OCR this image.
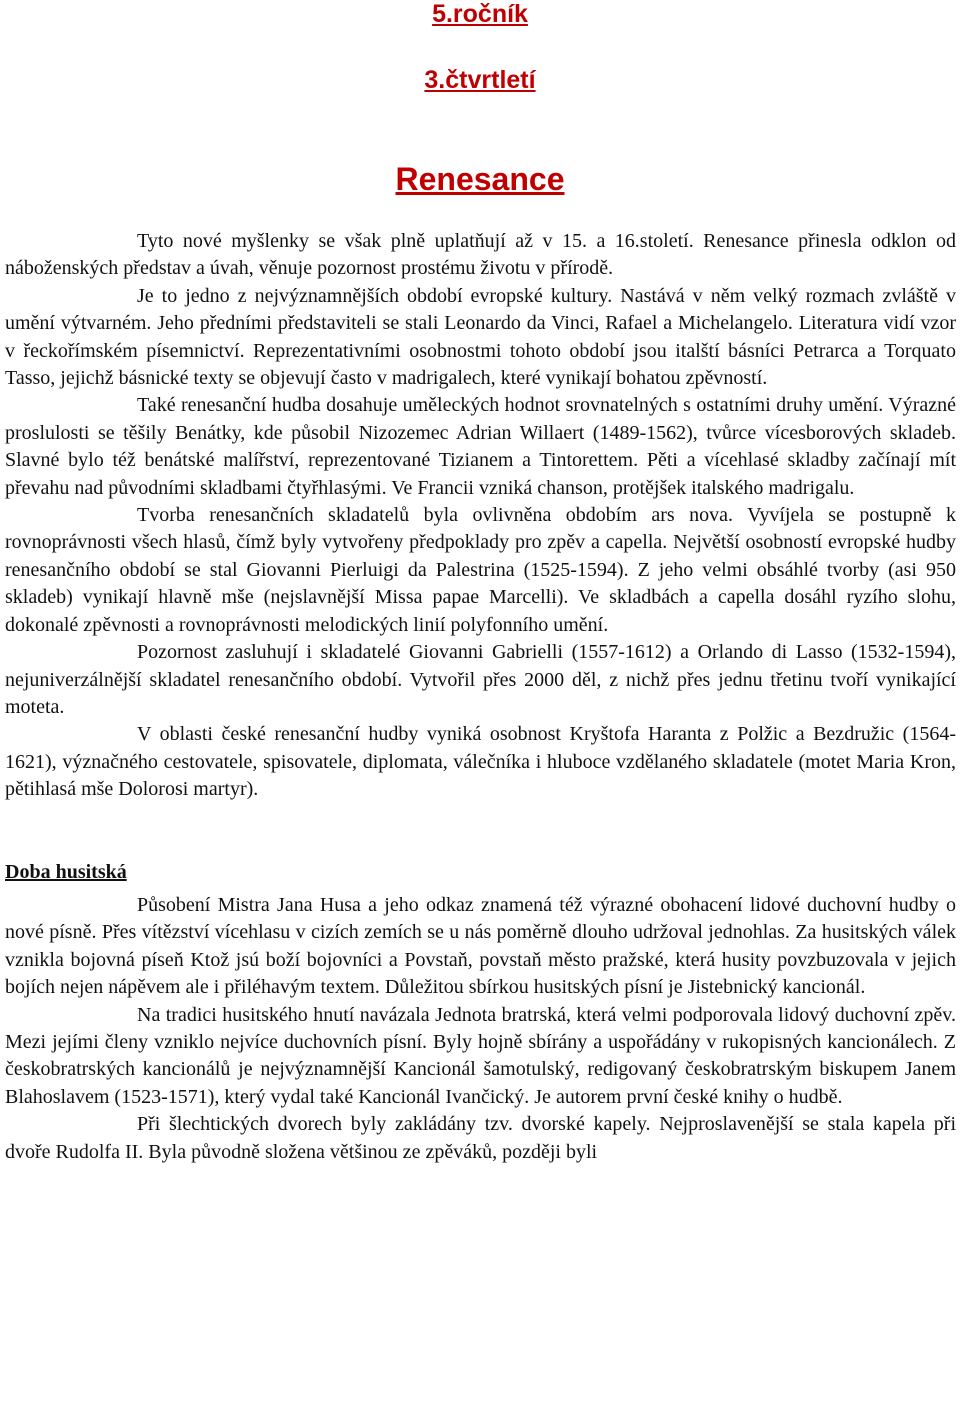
5.ročník
3.čtvrtletí
Renesance

Tyto nové myšlenky se však plně uplatňují až v 15. a 16.století. Renesance přinesla odklon od náboženských představ a úvah, věnuje pozornost prostému životu v přírodě.

Je to jedno z nejvýznamnějších období evropské kultury. Nastává v něm velký rozmach zvláště v umění výtvarném. Jeho předními představiteli se stali Leonardo da Vinci, Rafael a Michelangelo. Literatura vidí vzor v řeckořímském písemnictví. Reprezentativními osobnostmi tohoto období jsou italští básníci Petrarca a Torquato Tasso, jejichž básnické texty se objevují často v madrigalech, které vynikají bohatou zpěvností.

Také renesanční hudba dosahuje uměleckých hodnot srovnatelných s ostatními druhy umění. Výrazné proslulosti se těšily Benátky, kde působil Nizozemec Adrian Willaert (1489-1562), tvůrce vícesborových skladeb. Slavné bylo též benátské malířství, reprezentované Tizianem a Tintorettem. Pěti a vícehlasé skladby začínají mít převahu nad původními skladbami čtyřhlasými. Ve Francii vzniká chanson, protějšek italského madrigalu.

Tvorba renesančních skladatelů byla ovlivněna obdobím ars nova. Vyvíjela se postupně k rovnoprávnosti všech hlasů, čímž byly vytvořeny předpoklady pro zpěv a capella. Největší osobností evropské hudby renesančního období se stal Giovanni Pierluigi da Palestrina (1525-1594). Z jeho velmi obsáhlé tvorby (asi 950 skladeb) vynikají hlavně mše (nejslavnější Missa papae Marcelli). Ve skladbách a capella dosáhl ryzího slohu, dokonalé zpěvnosti a rovnoprávnosti melodických linií polyfonního umění.

Pozornost zasluhují i skladatelé Giovanni Gabrielli (1557-1612) a Orlando di Lasso (1532-1594), nejuniverzálnější skladatel renesančního období. Vytvořil přes 2000 děl, z nichž přes jednu třetinu tvoří vynikající moteta.

V oblasti české renesanční hudby vyniká osobnost Kryštofa Haranta z Polžic a Bezdružic (1564-1621), význačného cestovatele, spisovatele, diplomata, válečníka i hluboce vzdělaného skladatele (motet Maria Kron, pětihlasá mše Dolorosi martyr).

Doba husitská

Působení Mistra Jana Husa a jeho odkaz znamená též výrazné obohacení lidové duchovní hudby o nové písně. Přes vítězství vícehlasu v cizích zemích se u nás poměrně dlouho udržoval jednohlas. Za husitských válek vznikla bojovná píseň Ktož jsú boží bojovníci a Povstaň, povstaň město pražské, která husity povzbuzovala v jejich bojích nejen nápěvem ale i přiléhavým textem. Důležitou sbírkou husitských písní je Jistebnický kancionál.

Na tradici husitského hnutí navázala Jednota bratrská, která velmi podporovala lidový duchovní zpěv. Mezi jejími členy vzniklo nejvíce duchovních písní. Byly hojně sbírány a uspořádány v rukopisných kancionálech. Z českobratrských kancionálů je nejvýznamnější Kancionál šamotulský, redigovaný českobratrským biskupem Janem Blahoslavem (1523-1571), který vydal také Kancionál Ivančický. Je autorem první české knihy o hudbě.

Při šlechtických dvorech byly zakládány tzv. dvorské kapely. Nejproslavenější se stala kapela při dvoře Rudolfa II. Byla původně složena většinou ze zpěváků, později byli
